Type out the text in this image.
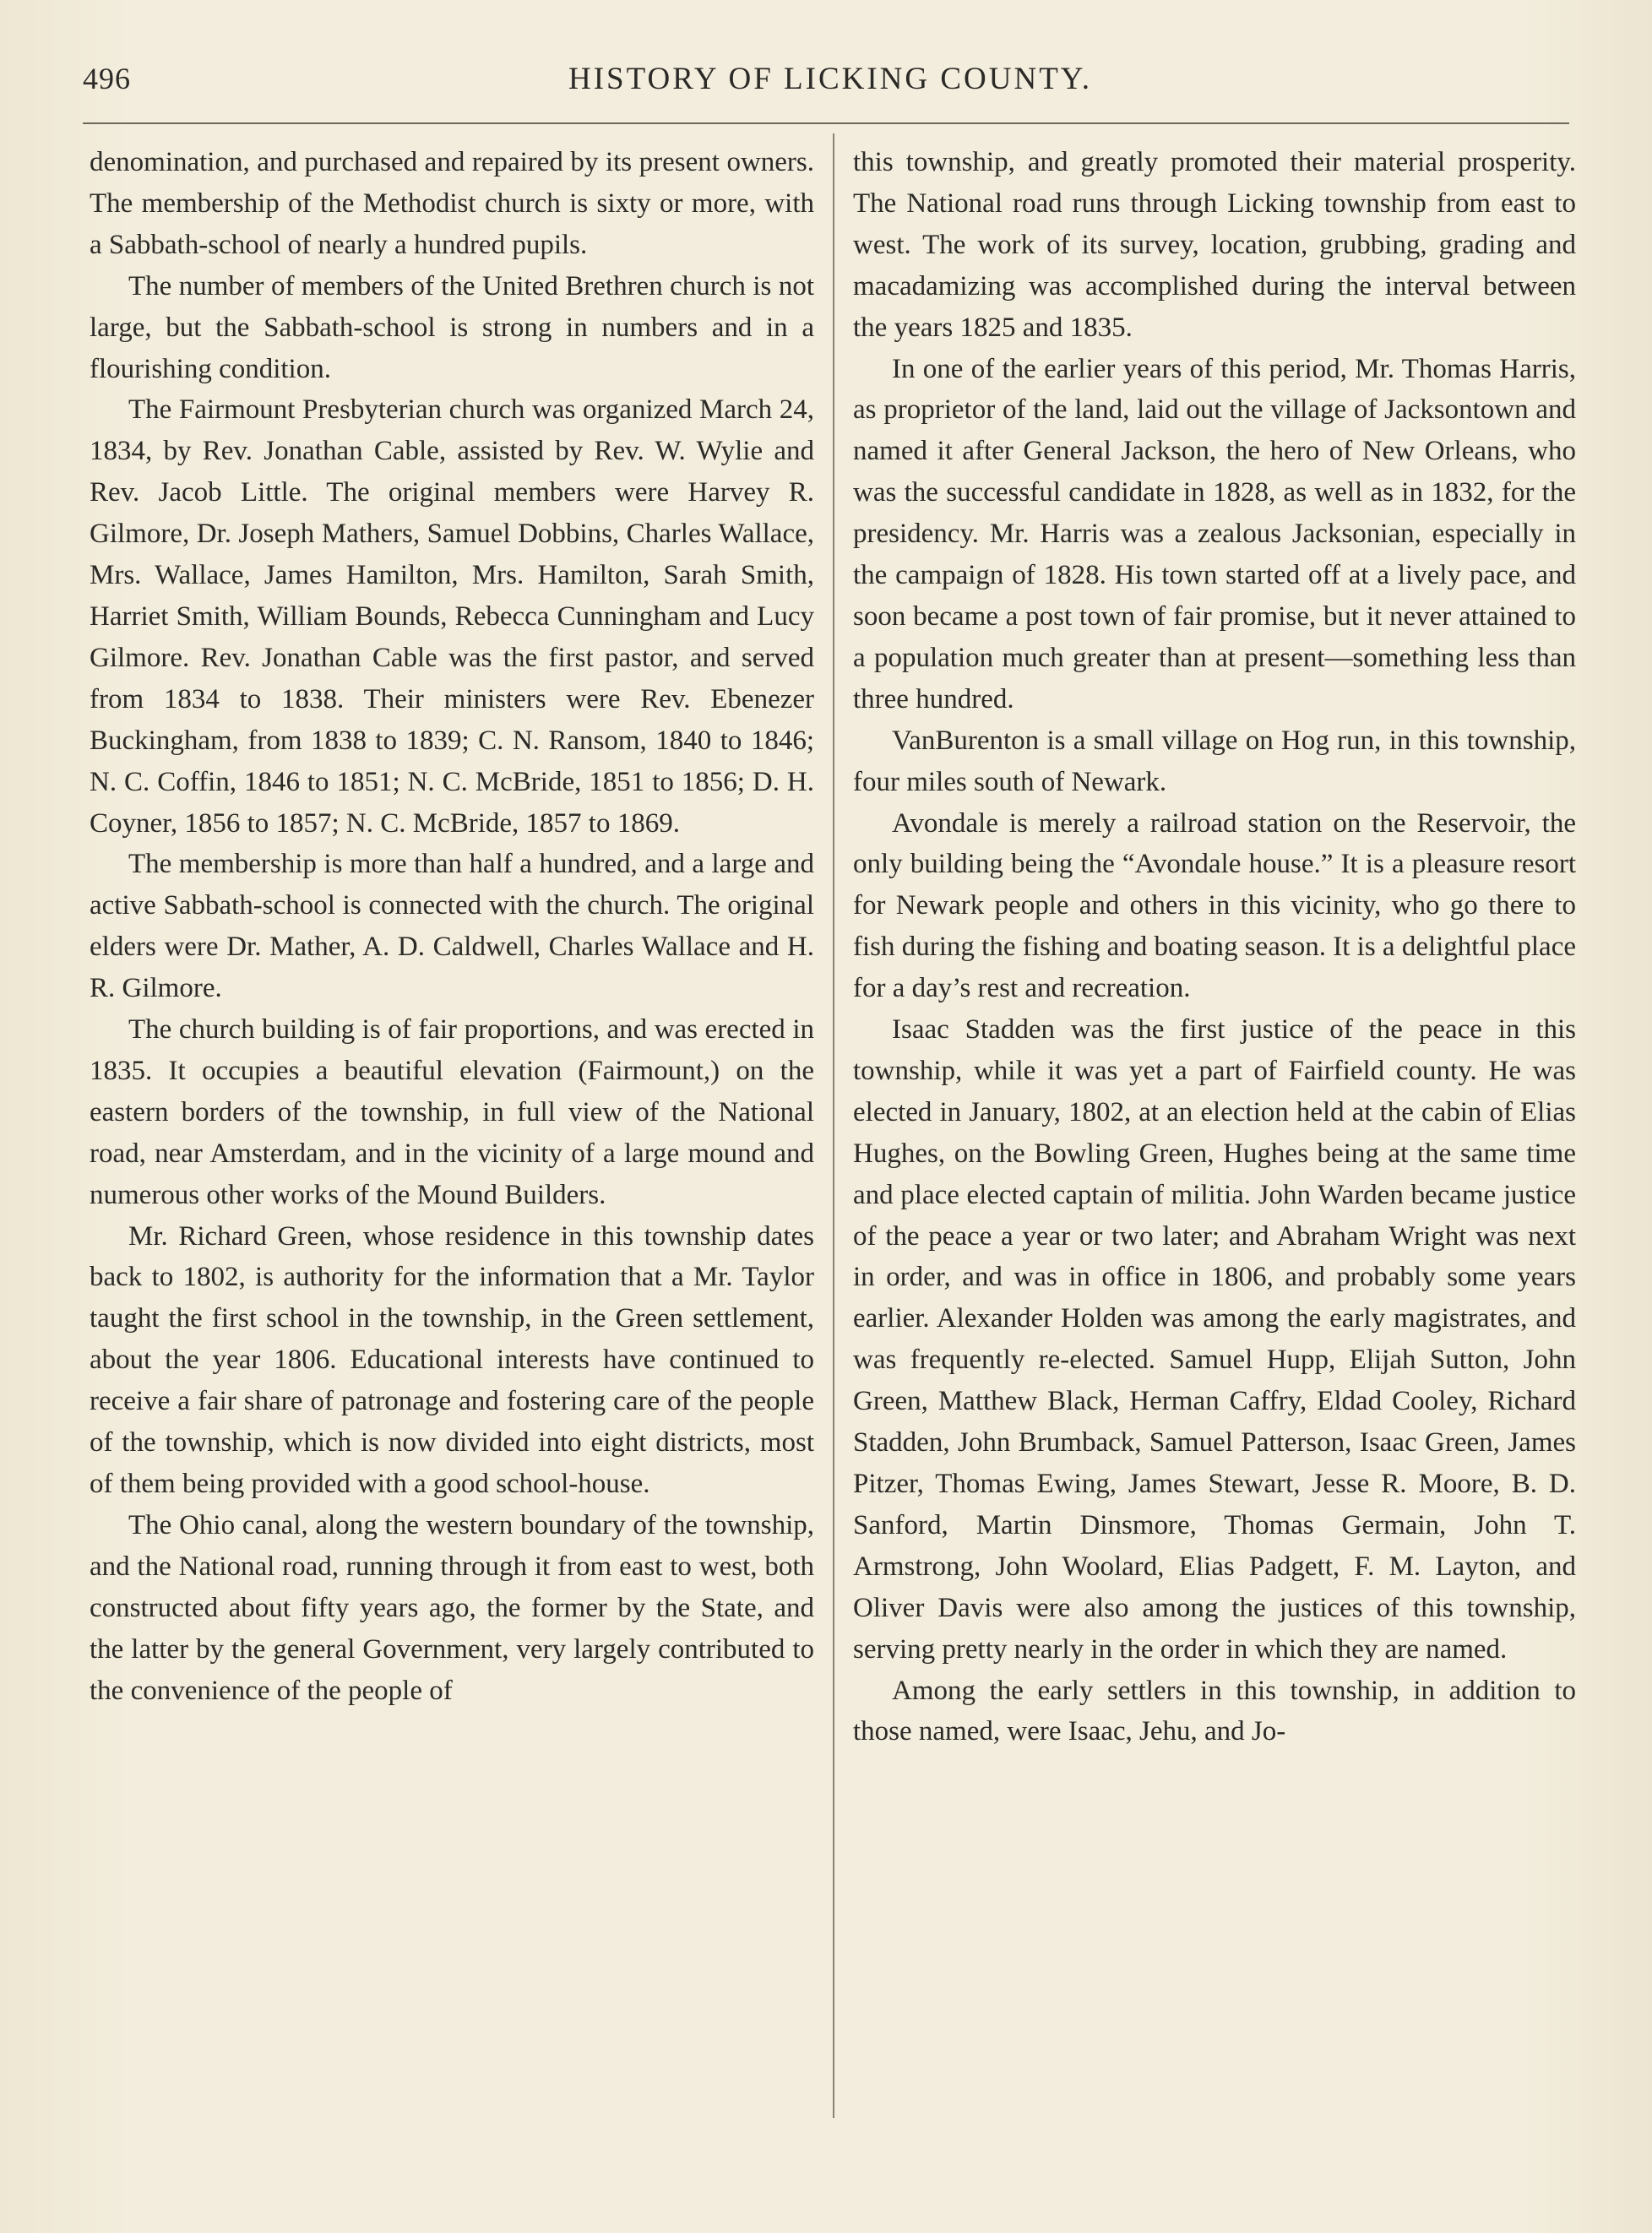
496	HISTORY OF LICKING COUNTY.

denomination, and purchased and repaired by its present owners. The membership of the Methodist church is sixty or more, with a Sabbath-school of nearly a hundred pupils.

The number of members of the United Brethren church is not large, but the Sabbath-school is strong in numbers and in a flourishing condition.

The Fairmount Presbyterian church was organized March 24, 1834, by Rev. Jonathan Cable, assisted by Rev. W. Wylie and Rev. Jacob Little. The original members were Harvey R. Gilmore, Dr. Joseph Mathers, Samuel Dobbins, Charles Wallace, Mrs. Wallace, James Hamilton, Mrs. Hamilton, Sarah Smith, Harriet Smith, William Bounds, Rebecca Cunningham and Lucy Gilmore. Rev. Jonathan Cable was the first pastor, and served from 1834 to 1838. Their ministers were Rev. Ebenezer Buckingham, from 1838 to 1839; C. N. Ransom, 1840 to 1846; N. C. Coffin, 1846 to 1851; N. C. McBride, 1851 to 1856; D. H. Coyner, 1856 to 1857; N. C. McBride, 1857 to 1869.

The membership is more than half a hundred, and a large and active Sabbath-school is connected with the church. The original elders were Dr. Mather, A. D. Caldwell, Charles Wallace and H. R. Gilmore.

The church building is of fair proportions, and was erected in 1835. It occupies a beautiful elevation (Fairmount,) on the eastern borders of the township, in full view of the National road, near Amsterdam, and in the vicinity of a large mound and numerous other works of the Mound Builders.

Mr. Richard Green, whose residence in this township dates back to 1802, is authority for the information that a Mr. Taylor taught the first school in the township, in the Green settlement, about the year 1806. Educational interests have continued to receive a fair share of patronage and fostering care of the people of the township, which is now divided into eight districts, most of them being provided with a good school-house.

The Ohio canal, along the western boundary of the township, and the National road, running through it from east to west, both constructed about fifty years ago, the former by the State, and the latter by the general Government, very largely contributed to the convenience of the people of

this township, and greatly promoted their material prosperity. The National road runs through Licking township from east to west. The work of its survey, location, grubbing, grading and macadamizing was accomplished during the interval between the years 1825 and 1835.

In one of the earlier years of this period, Mr. Thomas Harris, as proprietor of the land, laid out the village of Jacksontown and named it after General Jackson, the hero of New Orleans, who was the successful candidate in 1828, as well as in 1832, for the presidency. Mr. Harris was a zealous Jacksonian, especially in the campaign of 1828. His town started off at a lively pace, and soon became a post town of fair promise, but it never attained to a population much greater than at present—something less than three hundred.

VanBurenton is a small village on Hog run, in this township, four miles south of Newark.

Avondale is merely a railroad station on the Reservoir, the only building being the “Avondale house.” It is a pleasure resort for Newark people and others in this vicinity, who go there to fish during the fishing and boating season. It is a delightful place for a day’s rest and recreation.

Isaac Stadden was the first justice of the peace in this township, while it was yet a part of Fairfield county. He was elected in January, 1802, at an election held at the cabin of Elias Hughes, on the Bowling Green, Hughes being at the same time and place elected captain of militia. John Warden became justice of the peace a year or two later; and Abraham Wright was next in order, and was in office in 1806, and probably some years earlier. Alexander Holden was among the early magistrates, and was frequently re-elected. Samuel Hupp, Elijah Sutton, John Green, Matthew Black, Herman Caffry, Eldad Cooley, Richard Stadden, John Brumback, Samuel Patterson, Isaac Green, James Pitzer, Thomas Ewing, James Stewart, Jesse R. Moore, B. D. Sanford, Martin Dinsmore, Thomas Germain, John T. Armstrong, John Woolard, Elias Padgett, F. M. Layton, and Oliver Davis were also among the justices of this township, serving pretty nearly in the order in which they are named.

Among the early settlers in this township, in addition to those named, were Isaac, Jehu, and Jo-
